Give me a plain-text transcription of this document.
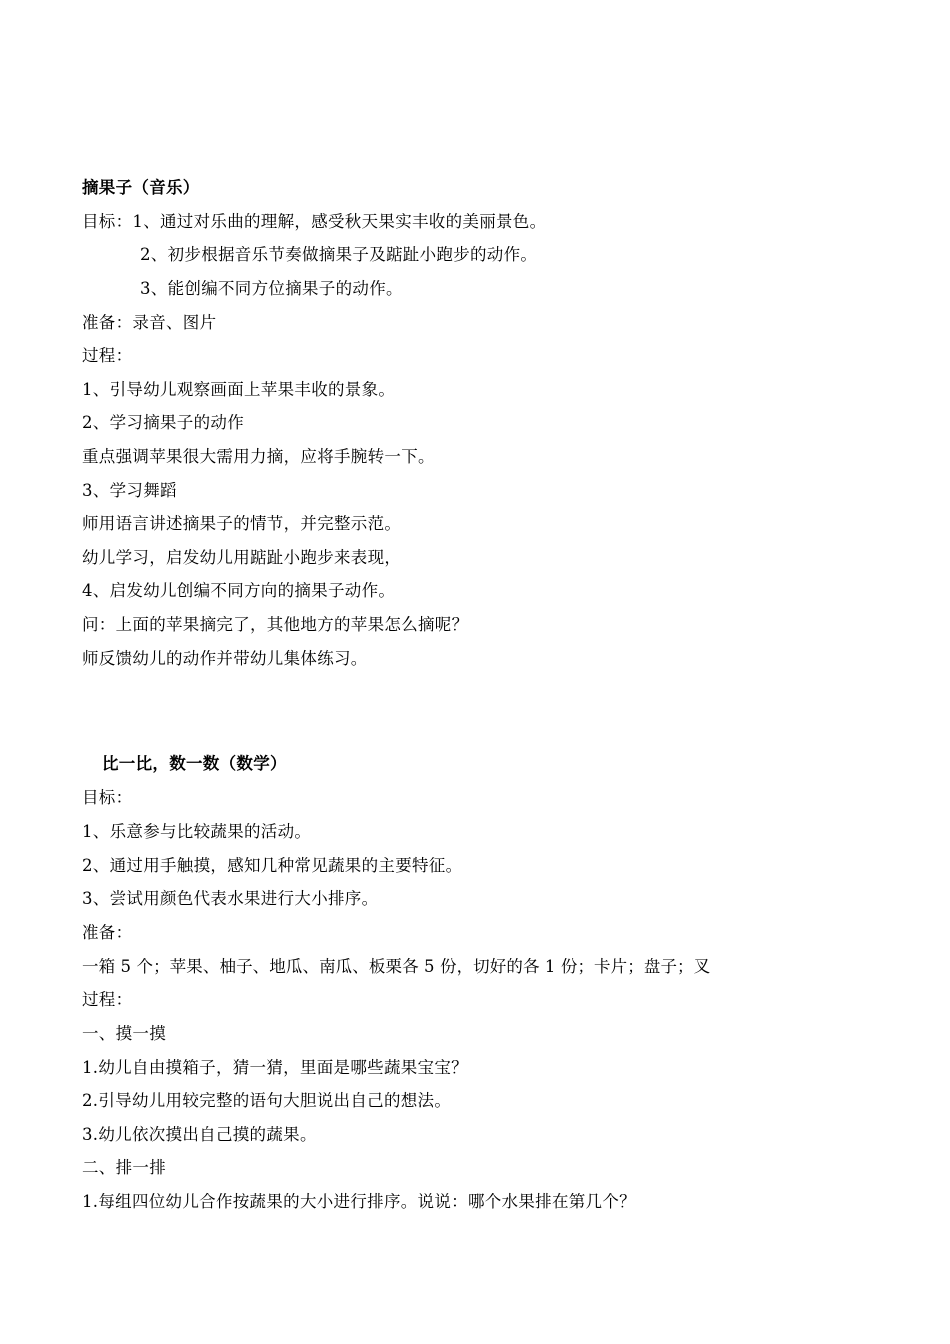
摘果子（音乐）
目标：1、通过对乐曲的理解，感受秋天果实丰收的美丽景色。
2、初步根据音乐节奏做摘果子及踮趾小跑步的动作。
3、能创编不同方位摘果子的动作。
准备：录音、图片
过程：
1、引导幼儿观察画面上苹果丰收的景象。
2、学习摘果子的动作
重点强调苹果很大需用力摘，应将手腕转一下。
3、学习舞蹈
师用语言讲述摘果子的情节，并完整示范。
幼儿学习，启发幼儿用踮趾小跑步来表现，
4、启发幼儿创编不同方向的摘果子动作。
问：上面的苹果摘完了，其他地方的苹果怎么摘呢？
师反馈幼儿的动作并带幼儿集体练习。
比一比，数一数（数学）
目标：
1、乐意参与比较蔬果的活动。
2、通过用手触摸，感知几种常见蔬果的主要特征。
3、尝试用颜色代表水果进行大小排序。
准备：
一箱 5 个；苹果、柚子、地瓜、南瓜、板栗各 5 份，切好的各 1 份；卡片；盘子；叉
过程：
一、摸一摸
1.幼儿自由摸箱子，猜一猜，里面是哪些蔬果宝宝？
2.引导幼儿用较完整的语句大胆说出自己的想法。
3.幼儿依次摸出自己摸的蔬果。
二、排一排
1.每组四位幼儿合作按蔬果的大小进行排序。说说：哪个水果排在第几个？
